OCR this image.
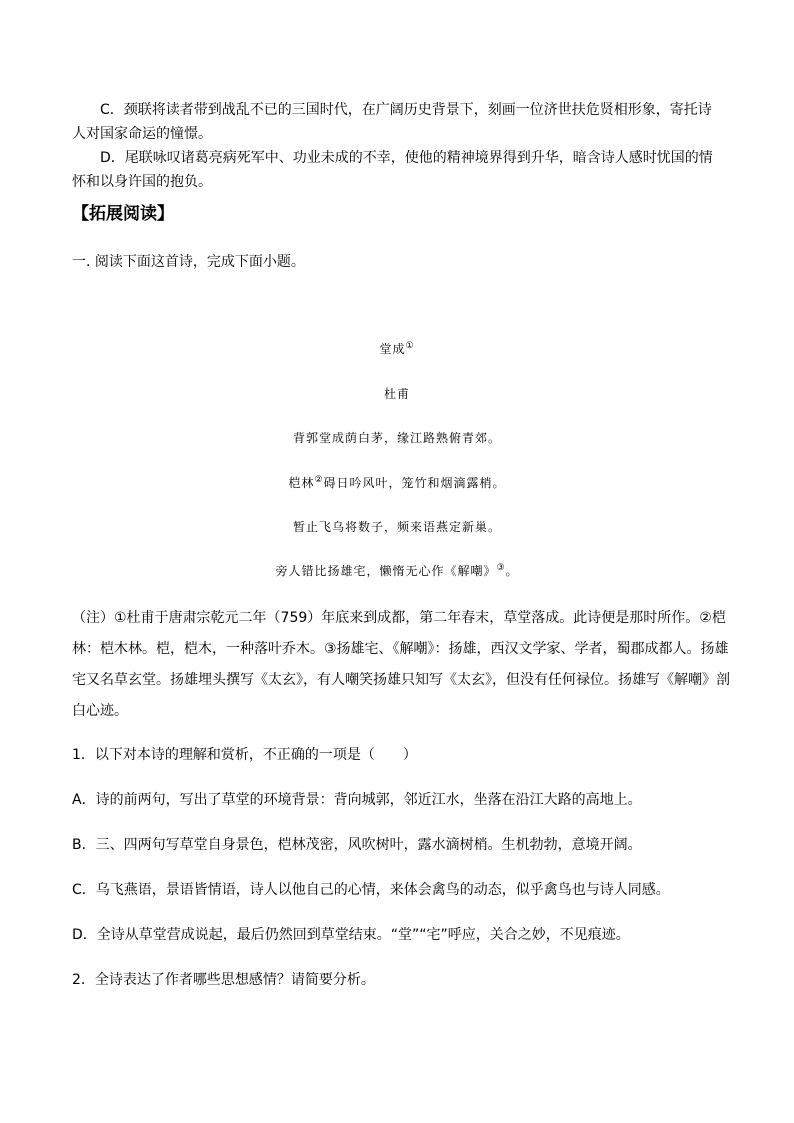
C．颈联将读者带到战乱不已的三国时代，在广阔历史背景下，刻画一位济世扶危贤相形象，寄托诗人对国家命运的憧憬。
D．尾联咏叹诸葛亮病死军中、功业未成的不幸，使他的精神境界得到升华，暗含诗人感时忧国的情怀和以身许国的抱负。
【拓展阅读】
一. 阅读下面这首诗，完成下面小题。
堂成①
杜甫
背郭堂成荫白茅，缘江路熟俯青郊。
桤林②碍日吟风叶，笼竹和烟滴露梢。
暂止飞乌将数子，频来语燕定新巢。
旁人错比扬雄宅，懒惰无心作《解嘲》③。
（注）①杜甫于唐肃宗乾元二年（759）年底来到成都，第二年春末，草堂落成。此诗便是那时所作。②桤林：桤木林。桤，桤木，一种落叶乔木。③扬雄宅、《解嘲》：扬雄，西汉文学家、学者，蜀郡成都人。扬雄宅又名草玄堂。扬雄埋头撰写《太玄》，有人嘲笑扬雄只知写《太玄》，但没有任何禄位。扬雄写《解嘲》剖白心迹。
1．以下对本诗的理解和赏析，不正确的一项是（　　）
A．诗的前两句，写出了草堂的环境背景：背向城郭，邻近江水，坐落在沿江大路的高地上。
B．三、四两句写草堂自身景色，桤林茂密，风吹树叶，露水滴树梢。生机勃勃，意境开阔。
C．乌飞燕语，景语皆情语，诗人以他自己的心情，来体会禽鸟的动态，似乎禽鸟也与诗人同感。
D．全诗从草堂营成说起，最后仍然回到草堂结束。“堂”“宅”呼应，关合之妙，不见痕迹。
2．全诗表达了作者哪些思想感情？请简要分析。
